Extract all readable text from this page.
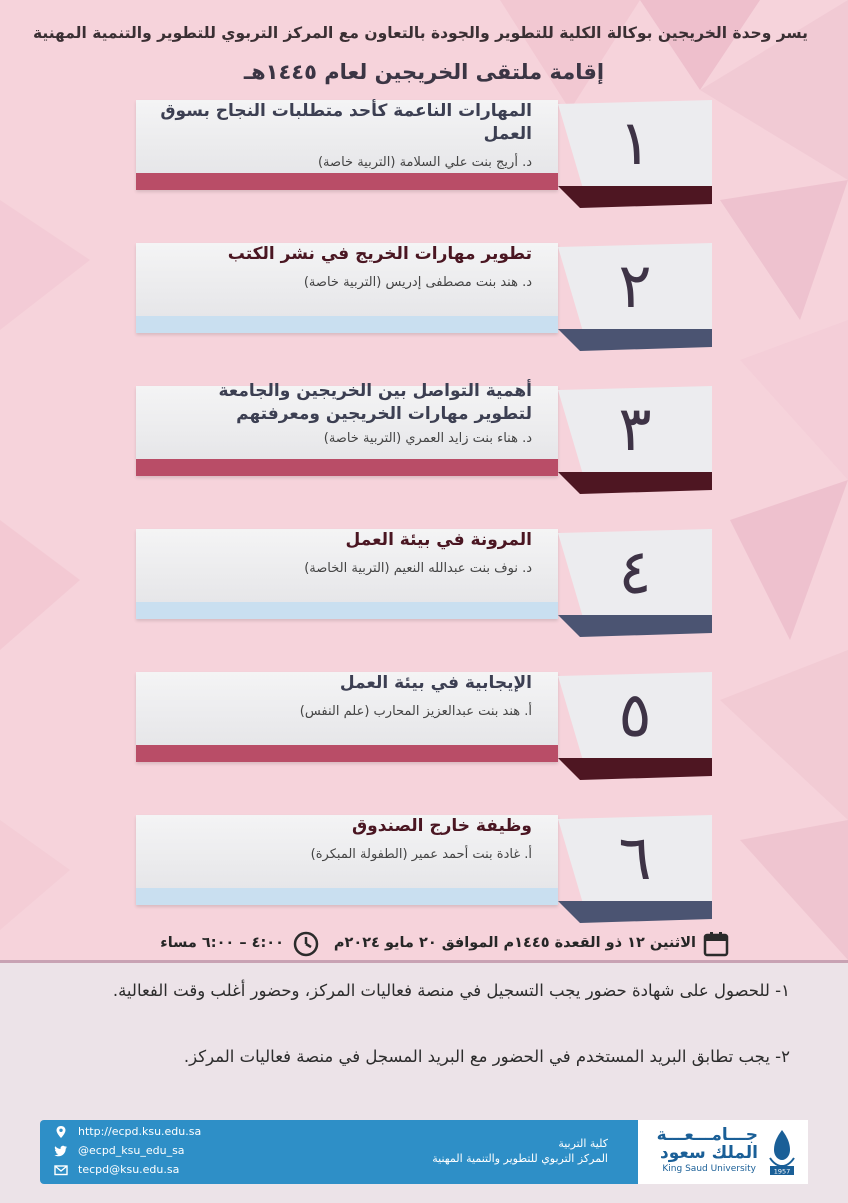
يسر وحدة الخريجين بوكالة الكلية للتطوير والجودة بالتعاون مع المركز التربوي للتطوير والتنمية المهنية
إقامة ملتقى الخريجين لعام ١٤٤٥هـ
المهارات الناعمة كأحد متطلبات النجاح بسوق العمل
د. أريج بنت علي السلامة (التربية خاصة)	١
تطوير مهارات الخريج في نشر الكتب
د. هند بنت مصطفى إدريس (التربية خاصة)	٢
أهمية التواصل بين الخريجين والجامعة
لتطوير مهارات الخريجين ومعرفتهم
د. هناء بنت زايد العمري (التربية خاصة)	٣
المرونة في بيئة العمل
د. نوف بنت عبدالله النعيم (التربية الخاصة)	٤
الإيجابية في بيئة العمل
أ. هند بنت عبدالعزيز المحارب (علم النفس)	٥
وظيفة خارج الصندوق
أ. غادة بنت أحمد عمير (الطفولة المبكرة)	٦
الاثنين ١٢ ذو القعدة ١٤٤٥م الموافق ٢٠ مايو ٢٠٢٤م
٤:٠٠ – ٦:٠٠ مساء
١- للحصول على شهادة حضور يجب التسجيل في منصة فعاليات المركز، وحضور أغلب وقت الفعالية.
٢- يجب تطابق البريد المستخدم في الحضور مع البريد المسجل في منصة فعاليات المركز.
http://ecpd.ksu.edu.sa
@ecpd_ksu_edu_sa
tecpd@ksu.edu.sa
كلية التربية
المركز التربوي للتطوير والتنمية المهنية
جـــامـــعـــة
الملك سعود
King Saud University	1957
